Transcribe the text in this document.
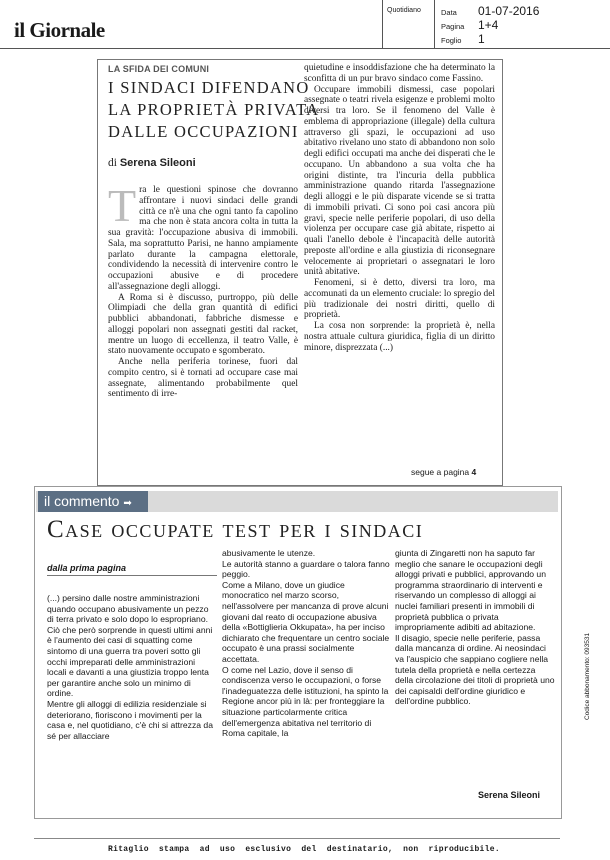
il Giornale
Quotidiano	Data
Pagina
Foglio
01-07-2016
1+4
1
LA SFIDA DEI COMUNI
I SINDACI DIFENDANO
LA PROPRIETÀ PRIVATA
DALLE OCCUPAZIONI
di Serena Sileoni

Tra le questioni spinose che dovranno affrontare i nuovi sindaci delle grandi città ce n'è una che ogni tanto fa capolino ma che non è stata ancora colta in tutta la sua gravità: l'occupazione abusiva di immobili. Sala, ma soprattutto Parisi, ne hanno ampiamente parlato durante la campagna elettorale, condividendo la necessità di intervenire contro le occupazioni abusive e di procedere all'assegnazione degli alloggi.

A Roma si è discusso, purtroppo, più delle Olimpiadi che della gran quantità di edifici pubblici abbandonati, fabbriche dismesse e alloggi popolari non assegnati gestiti dal racket, mentre un luogo di eccellenza, il teatro Valle, è stato nuovamente occupato e sgomberato.

Anche nella periferia torinese, fuori dal compito centro, si è tornati ad occupare case mai assegnate, alimentando probabilmente quel sentimento di irre-

quietudine e insoddisfazione che ha determinato la sconfitta di un pur bravo sindaco come Fassino.

Occupare immobili dismessi, case popolari assegnate o teatri rivela esigenze e problemi molto diversi tra loro. Se il fenomeno del Valle è emblema di appropriazione (illegale) della cultura attraverso gli spazi, le occupazioni ad uso abitativo rivelano uno stato di abbandono non solo degli edifici occupati ma anche dei disperati che le occupano. Un abbandono a sua volta che ha origini distinte, tra l'incuria della pubblica amministrazione quando ritarda l'assegnazione degli alloggi e le più disparate vicende se si tratta di immobili privati. Ci sono poi casi ancora più gravi, specie nelle periferie popolari, di uso della violenza per occupare case già abitate, rispetto ai quali l'anello debole è l'incapacità delle autorità preposte all'ordine e alla giustizia di riconsegnare velocemente ai proprietari o assegnatari le loro unità abitative.

Fenomeni, si è detto, diversi tra loro, ma accomunati da un elemento cruciale: lo spregio del più tradizionale dei nostri diritti, quello di proprietà.

La cosa non sorprende: la proprietà è, nella nostra attuale cultura giuridica, figlia di un diritto minore, disprezzata (...)

segue a pagina 4
il commento ➡
Case occupate test per i sindaci
dalla prima pagina

(...) persino dalle nostre amministrazioni quando occupano abusivamente un pezzo di terra privato e solo dopo lo espropriano.

Ciò che però sorprende in questi ultimi anni è l'aumento dei casi di squatting come sintomo di una guerra tra poveri sotto gli occhi impreparati delle amministrazioni locali e davanti a una giustizia troppo lenta per garantire anche solo un minimo di ordine.

Mentre gli alloggi di edilizia residenziale si deteriorano, fioriscono i movimenti per la casa e, nel quotidiano, c'è chi si attrezza da sé per allacciare

abusivamente le utenze.

Le autorità stanno a guardare o talora fanno peggio.

Come a Milano, dove un giudice monocratico nel marzo scorso, nell'assolvere per mancanza di prove alcuni giovani dal reato di occupazione abusiva della «Bottiglieria Okkupata», ha per inciso dichiarato che frequentare un centro sociale occupato è una prassi socialmente accettata.

O come nel Lazio, dove il senso di condiscenza verso le occupazioni, o forse l'inadeguatezza delle istituzioni, ha spinto la Regione ancor più in là: per fronteggiare la situazione particolarmente critica dell'emergenza abitativa nel territorio di Roma capitale, la

giunta di Zingaretti non ha saputo far meglio che sanare le occupazioni degli alloggi privati e pubblici, approvando un programma straordinario di interventi e riservando un complesso di alloggi ai nuclei familiari presenti in immobili di proprietà pubblica o privata impropriamente adibiti ad abitazione.

Il disagio, specie nelle periferie, passa dalla mancanza di ordine. Ai neosindaci va l'auspicio che sappiano cogliere nella tutela della proprietà e nella certezza della circolazione dei titoli di proprietà uno dei capisaldi dell'ordine giuridico e dell'ordine pubblico.

Serena Sileoni
Codice abbonamento: 093531
Ritaglio stampa ad uso esclusivo del destinatario, non riproducibile.
